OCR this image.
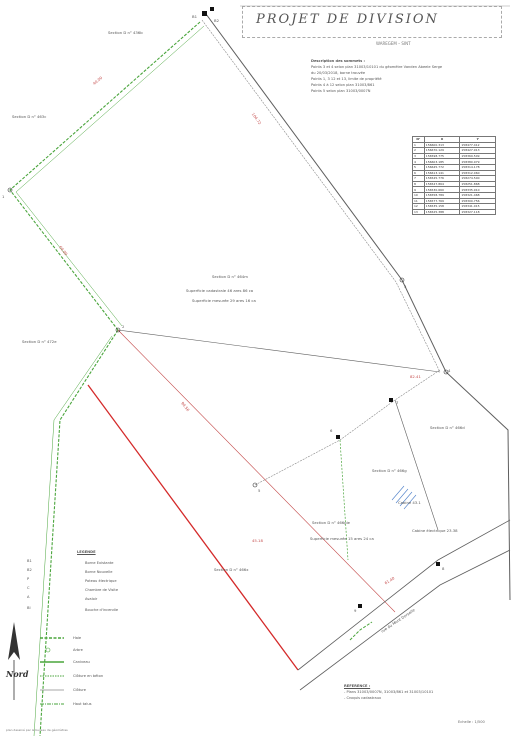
PROJET DE DIVISION
WAREGEM – SINT
Description des sommets :
Points 3 et 4 selon plan 31003/10101 du géomètre Vanden Abeele Serge
du 20/03/2018, borne trouvée
Points 1, 3 12 et 13, limite de propriété
Points 4 à 12 selon plan 31003/861
Points 5 selon plan 31003/0007N
N°	X	Y
1	156600.313	158477.412
2	156670.129	158427.913
3	156598.775	158369.509
4	156603.185	158380.979
5	156645.772	158314.178
6	156613.141	158312.060
7	156545.776	158274.500
8	156547.864	158251.868
9	156530.660	158335.910
10	156558.789	158321.468
11	156577.769	158300.756
12	156535.158	158341.015
13	156525.388	158327.118
Section D n° 436b
Section D n° 463c
Section D n° 464m
Superficie cadastrale 46 ares 86 ca
Superficie mesurée 29 ares 16 ca
Section D n° 472e
Section D n° 466d
Section D n° 466g
Cabine 43.1
Cabine électrique 23.38
Section D n° 466pie
Superficie mesurée 15 ares 24 ca
Section D n° 466x
rue du Mont Dorselle
40.00
60.00
104.72
90.56
82.41
61.40
45.18
B1
B2
1
2
3
4
5
6
7
8
9
LEGENDE
B1	Borne Existante
B2	Borne Nouvelle
P	Poteau électrique
C	Chambre de Visite
A	Avaloir
BI	Bouche d'incendie
Haie
Arbre
Caniveau
Clôture en béton
Clôture
Haut talus
Nord
REFERENCE :
- Plans 31003/0007N, 31003/861 et 31003/10101
- Croquis cadastraux
Echelle : 1/500
plan dessiné par le bureau de géomètres
